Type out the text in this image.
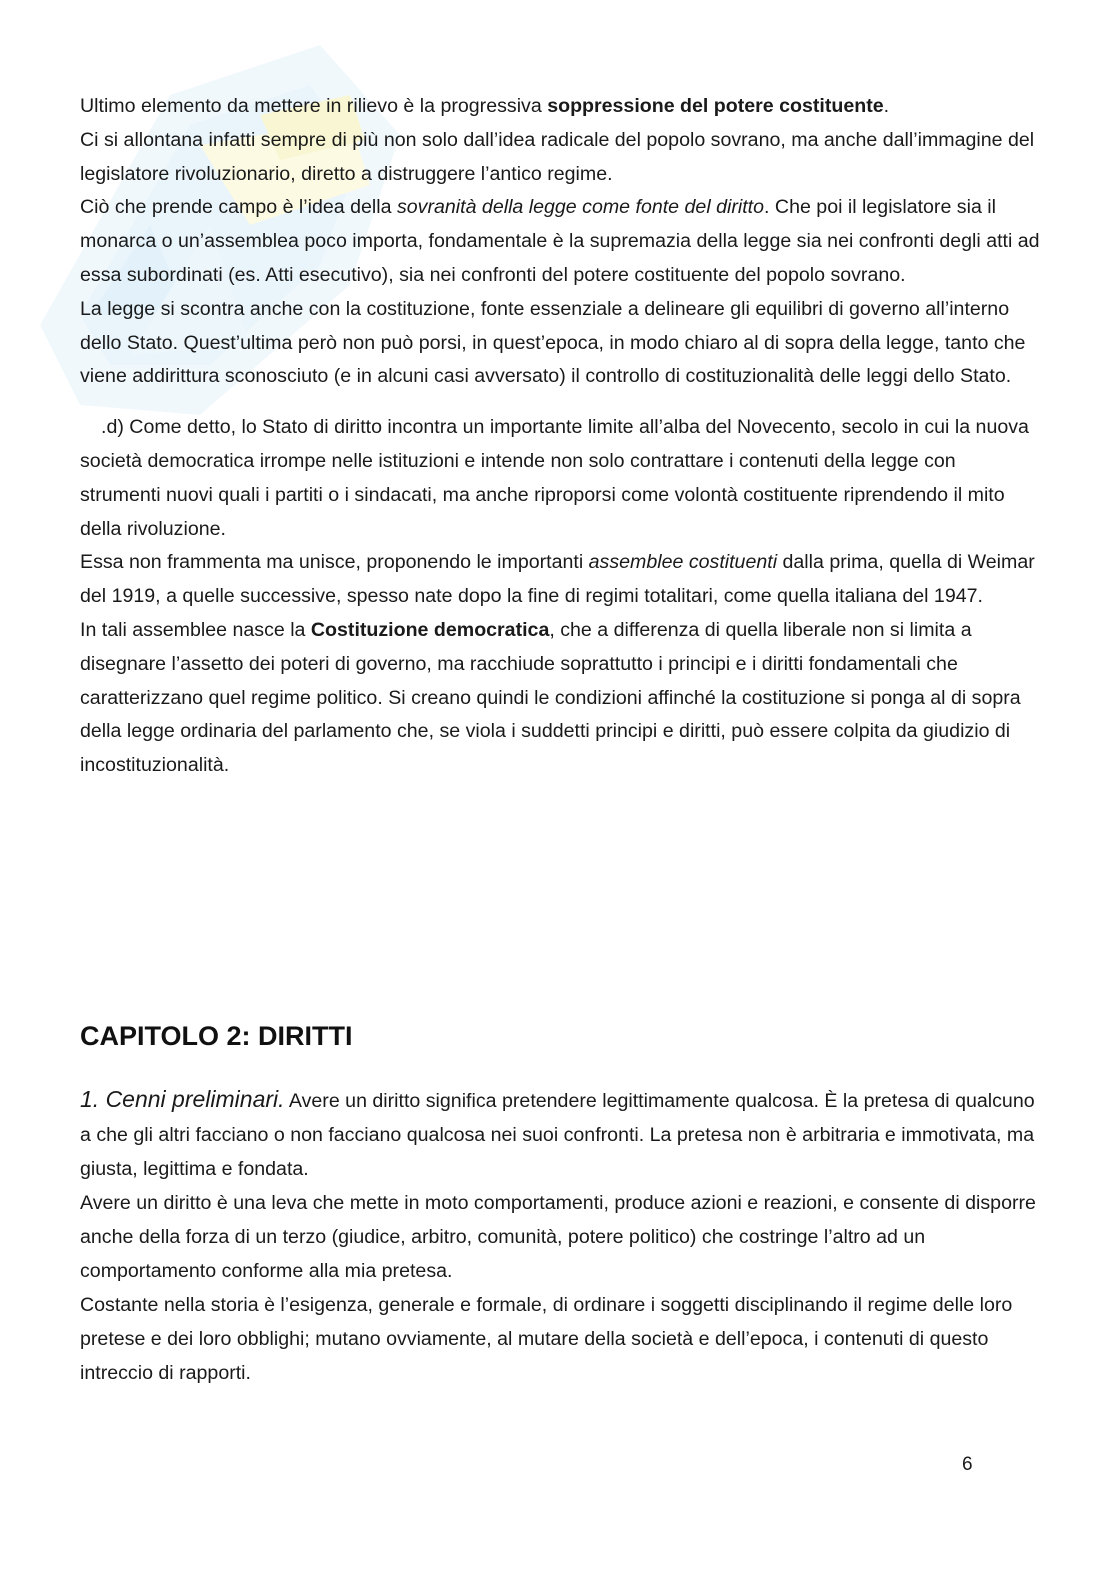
Ultimo elemento da mettere in rilievo è la progressiva soppressione del potere costituente.

Ci si allontana infatti sempre di più non solo dall’idea radicale del popolo sovrano, ma anche dall’immagine del legislatore rivoluzionario, diretto a distruggere l’antico regime.

Ciò che prende campo è l’idea della sovranità della legge come fonte del diritto. Che poi il legislatore sia il monarca o un’assemblea poco importa, fondamentale è la supremazia della legge sia nei confronti degli atti ad essa subordinati (es. Atti esecutivo), sia nei confronti del potere costituente del popolo sovrano.

La legge si scontra anche con la costituzione, fonte essenziale a delineare gli equilibri di governo all’interno dello Stato. Quest’ultima però non può porsi, in quest’epoca, in modo chiaro al di sopra della legge, tanto che viene addirittura sconosciuto (e in alcuni casi avversato) il controllo di costituzionalità delle leggi dello Stato.

.d) Come detto, lo Stato di diritto incontra un importante limite all’alba del Novecento, secolo in cui la nuova società democratica irrompe nelle istituzioni e intende non solo contrattare i contenuti della legge con strumenti nuovi quali i partiti o i sindacati, ma anche riproporsi come volontà costituente riprendendo il mito della rivoluzione.

Essa non frammenta ma unisce, proponendo le importanti assemblee costituenti dalla prima, quella di Weimar del 1919, a quelle successive, spesso nate dopo la fine di regimi totalitari, come quella italiana del 1947.

In tali assemblee nasce la Costituzione democratica, che a differenza di quella liberale non si limita a disegnare l’assetto dei poteri di governo, ma racchiude soprattutto i principi e i diritti fondamentali che caratterizzano quel regime politico. Si creano quindi le condizioni affinché la costituzione si ponga al di sopra della legge ordinaria del parlamento che, se viola i suddetti principi e diritti, può essere colpita da giudizio di incostituzionalità.

CAPITOLO 2: DIRITTI

1. Cenni preliminari. Avere un diritto significa pretendere legittimamente qualcosa. È la pretesa di qualcuno a che gli altri facciano o non facciano qualcosa nei suoi confronti. La pretesa non è arbitraria e immotivata, ma giusta, legittima e fondata.

Avere un diritto è una leva che mette in moto comportamenti, produce azioni e reazioni, e consente di disporre anche della forza di un terzo (giudice, arbitro, comunità, potere politico) che costringe l’altro ad un comportamento conforme alla mia pretesa.

Costante nella storia è l’esigenza, generale e formale, di ordinare i soggetti disciplinando il regime delle loro pretese e dei loro obblighi; mutano ovviamente, al mutare della società e dell’epoca, i contenuti di questo intreccio di rapporti.

6
